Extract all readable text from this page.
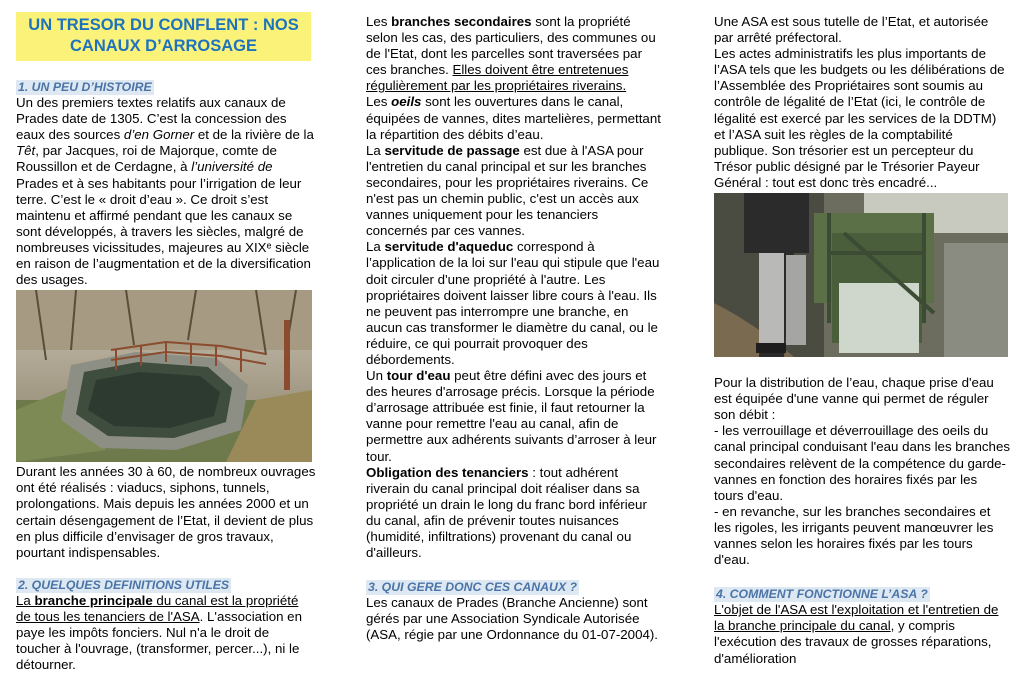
UN TRESOR DU CONFLENT : NOS
CANAUX D’ARROSAGE
1. UN PEU D’HISTOIRE

Un des premiers textes relatifs aux canaux de Prades date de 1305. C’est la concession des eaux des sources d’en Gorner et de la rivière de la Têt, par Jacques, roi de Majorque, comte de Roussillon et de Cerdagne, à l’université de Prades et à ses habitants pour l’irrigation de leur terre. C’est le « droit d’eau ». Ce droit s’est maintenu et affirmé pendant que les canaux se sont développés, à travers les siècles, malgré de nombreuses vicissitudes, majeures au XIXᵉ siècle en raison de l’augmentation et de la diversification des usages.

Durant les années 30 à 60, de nombreux ouvrages ont été réalisés : viaducs, siphons, tunnels, prolongations. Mais depuis les années 2000 et un certain désengagement de l’Etat, il devient de plus en plus difficile d’envisager de gros travaux, pourtant indispensables.

2. QUELQUES DEFINITIONS UTILES

La branche principale du canal est la propriété de tous les tenanciers de l'ASA. L'association en paye les impôts fonciers. Nul n'a le droit de toucher à l'ouvrage, (transformer, percer...), ni le détourner.

Les branches secondaires sont la propriété selon les cas, des particuliers, des communes ou de l'Etat, dont les parcelles sont traversées par ces branches. Elles doivent être entretenues régulièrement par les propriétaires riverains.

Les oeils sont les ouvertures dans le canal, équipées de vannes, dites martelières, permettant la répartition des débits d’eau.

La servitude de passage est due à l'ASA pour l'entretien du canal principal et sur les branches secondaires, pour les propriétaires riverains. Ce n'est pas un chemin public, c'est un accès aux vannes uniquement pour les tenanciers concernés par ces vannes.

La servitude d'aqueduc correspond à l’application de la loi sur l'eau qui stipule que l'eau doit circuler d'une propriété à l'autre. Les propriétaires doivent laisser libre cours à l'eau. Ils ne peuvent pas interrompre une branche, en aucun cas transformer le diamètre du canal, ou le réduire, ce qui pourrait provoquer des débordements.

Un tour d'eau peut être défini avec des jours et des heures d'arrosage précis. Lorsque la période d’arrosage attribuée est finie, il faut retourner la vanne pour remettre l'eau au canal, afin de permettre aux adhérents suivants d’arroser à leur tour.

Obligation des tenanciers : tout adhérent riverain du canal principal doit réaliser dans sa propriété un drain le long du franc bord inférieur du canal, afin de prévenir toutes nuisances (humidité, infiltrations) provenant du canal ou d'ailleurs.

3. QUI GERE DONC CES CANAUX ?

Les canaux de Prades (Branche Ancienne) sont gérés par une Association Syndicale Autorisée (ASA, régie par une Ordonnance du 01-07-2004).

Une ASA est sous tutelle de l’Etat, et autorisée par arrêté préfectoral.

Les actes administratifs les plus importants de l’ASA tels que les budgets ou les délibérations de l’Assemblée des Propriétaires sont soumis au contrôle de légalité de l’Etat (ici, le contrôle de légalité est exercé par les services de la DDTM) et l’ASA suit les règles de la comptabilité publique. Son trésorier est un percepteur du Trésor public désigné par le Trésorier Payeur Général : tout est donc très encadré...

Pour la distribution de l’eau, chaque prise d'eau est équipée d'une vanne qui permet de réguler son débit :

- les verrouillage et déverrouillage des oeils du canal principal conduisant l'eau dans les branches secondaires relèvent de la compétence du garde-vannes en fonction des horaires fixés par les tours d'eau.

- en revanche, sur les branches secondaires et les rigoles, les irrigants peuvent manœuvrer les vannes selon les horaires fixés par les tours d'eau.

4. COMMENT FONCTIONNE L’ASA ?

L'objet de l'ASA est l'exploitation et l'entretien de la branche principale du canal, y compris l'exécution des travaux de grosses réparations, d'amélioration
